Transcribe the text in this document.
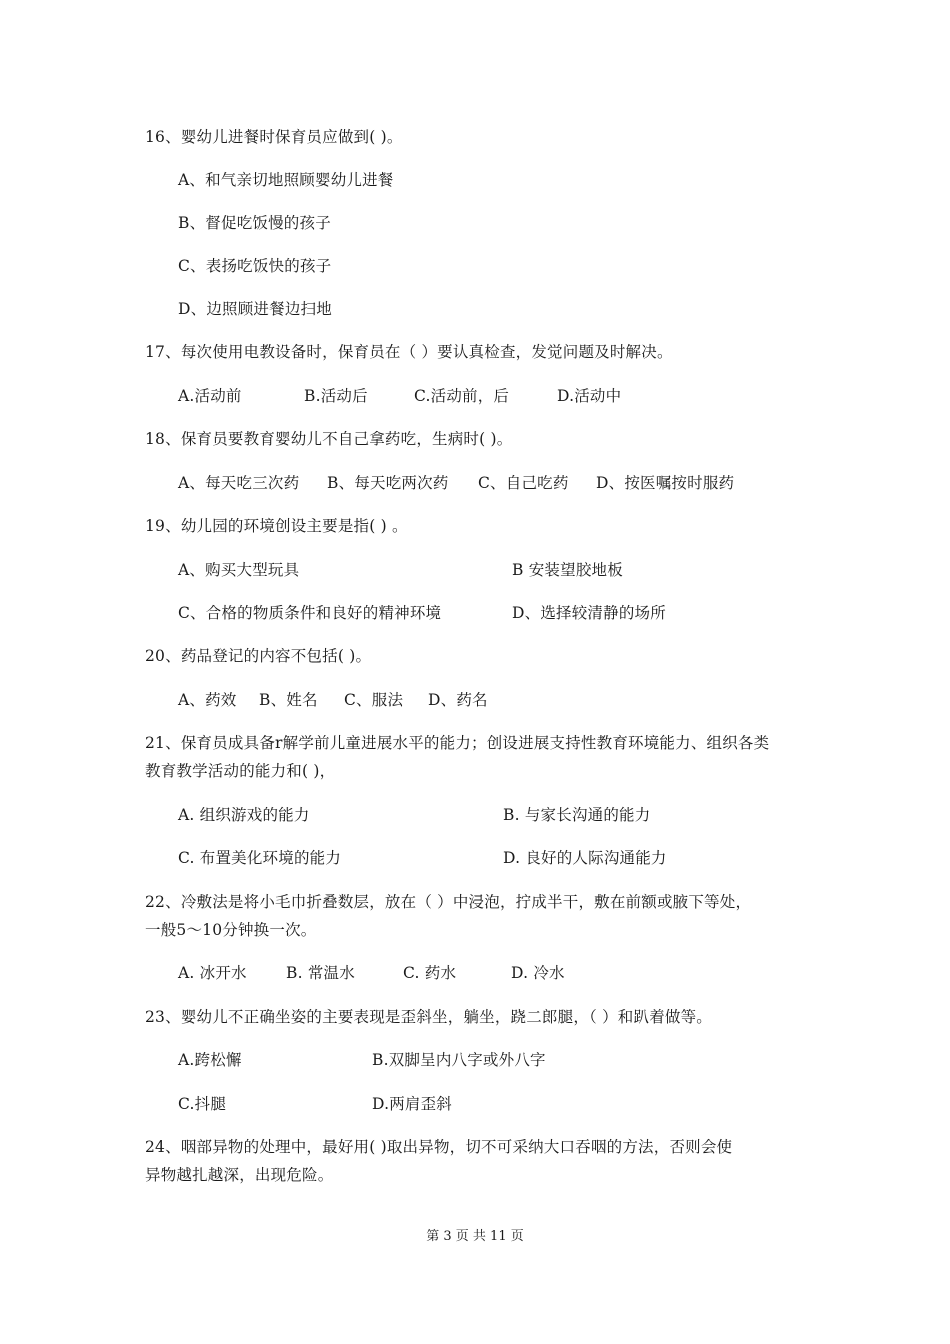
16、婴幼儿进餐时保育员应做到( )。
A、和气亲切地照顾婴幼儿进餐
B、督促吃饭慢的孩子
C、表扬吃饭快的孩子
D、边照顾进餐边扫地
17、每次使用电教设备时，保育员在（ ）要认真检查，发觉问题及时解决。
A.活动前	B.活动后	C.活动前，后	D.活动中
18、保育员要教育婴幼儿不自己拿药吃，生病时( )。
A、每天吃三次药 B、每天吃两次药 C、自己吃药 D、按医嘱按时服药
19、幼儿园的环境创设主要是指( ) 。
A、购买大型玩具	B 安装望胶地板
C、合格的物质条件和良好的精神环境	D、选择较清静的场所
20、药品登记的内容不包括( )。
A、药效 B、姓名 C、服法 D、药名
21、保育员成具备r解学前儿童进展水平的能力；创设进展支持性教育环境能力、组织各类
教育教学活动的能力和( )，
A. 组织游戏的能力	B. 与家长沟通的能力
C. 布置美化环境的能力	D. 良好的人际沟通能力
22、冷敷法是将小毛巾折叠数层，放在（ ）中浸泡，拧成半干，敷在前额或腋下等处，
一般5～10分钟换一次。
A. 冰开水	B. 常温水	C. 药水	D. 冷水
23、婴幼儿不正确坐姿的主要表现是歪斜坐，躺坐，跷二郎腿，（ ）和趴着做等。
A.跨松懈	B.双脚呈内八字或外八字
C.抖腿	D.两肩歪斜
24、咽部异物的处理中，最好用( )取出异物，切不可采纳大口吞咽的方法，否则会使
异物越扎越深，出现危险。
第 3 页 共 11 页
